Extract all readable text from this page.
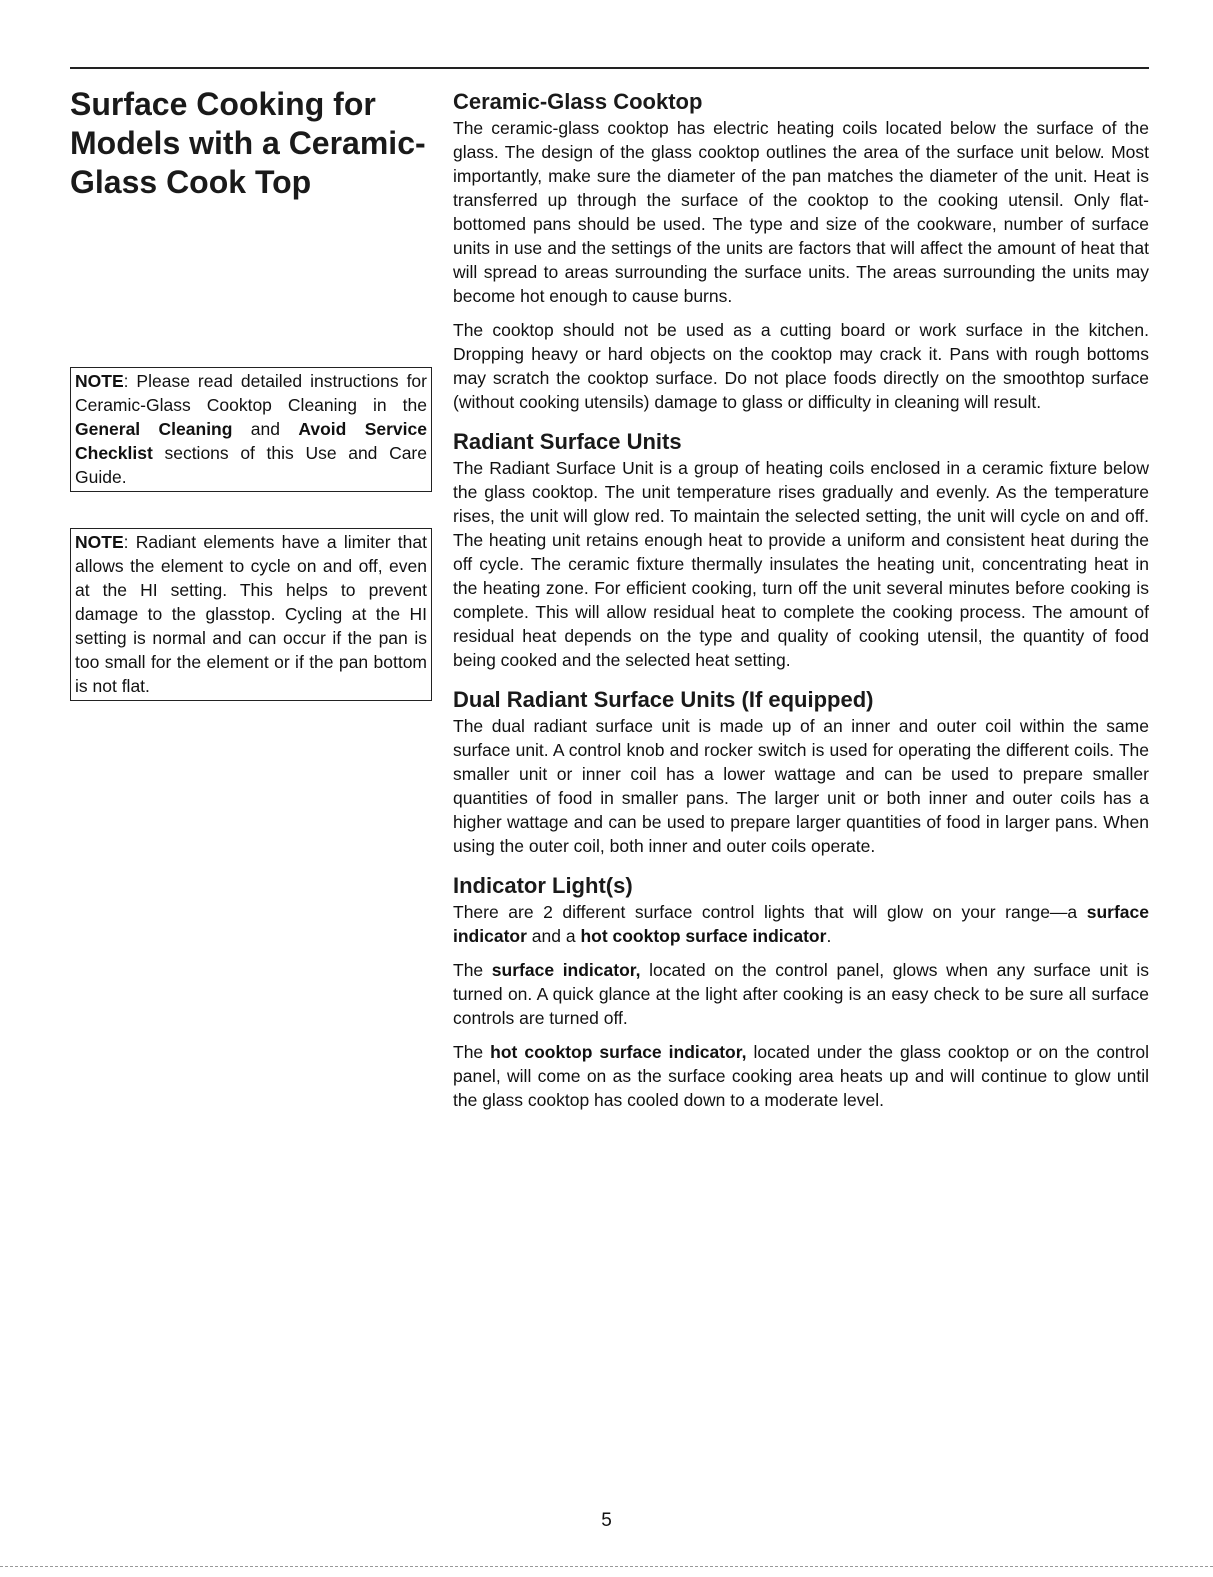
Surface Cooking for Models with a Ceramic-Glass Cook Top
NOTE: Please read detailed instructions for Ceramic-Glass Cooktop Cleaning in the General Cleaning and Avoid Service Checklist sections of this Use and Care Guide.
NOTE: Radiant elements have a limiter that allows the element to cycle on and off, even at the HI setting. This helps to prevent damage to the glasstop. Cycling at the HI setting is normal and can occur if the pan is too small for the element or if the pan bottom is not flat.
Ceramic-Glass Cooktop

The ceramic-glass cooktop has electric heating coils located below the surface of the glass. The design of the glass cooktop outlines the area of the surface unit below. Most importantly, make sure the diameter of the pan matches the diameter of the unit. Heat is transferred up through the surface of the cooktop to the cooking utensil. Only flat-bottomed pans should be used. The type and size of the cookware, number of surface units in use and the settings of the units are factors that will affect the amount of heat that will spread to areas surrounding the surface units. The areas surrounding the units may become hot enough to cause burns.

The cooktop should not be used as a cutting board or work surface in the kitchen. Dropping heavy or hard objects on the cooktop may crack it. Pans with rough bottoms may scratch the cooktop surface. Do not place foods directly on the smoothtop surface (without cooking utensils) damage to glass or difficulty in cleaning will result.

Radiant Surface Units

The Radiant Surface Unit is a group of heating coils enclosed in a ceramic fixture below the glass cooktop. The unit temperature rises gradually and evenly. As the temperature rises, the unit will glow red. To maintain the selected setting, the unit will cycle on and off. The heating unit retains enough heat to provide a uniform and consistent heat during the off cycle. The ceramic fixture thermally insulates the heating unit, concentrating heat in the heating zone. For efficient cooking, turn off the unit several minutes before cooking is complete. This will allow residual heat to complete the cooking process. The amount of residual heat depends on the type and quality of cooking utensil, the quantity of food being cooked and the selected heat setting.

Dual Radiant Surface Units (If equipped)

The dual radiant surface unit is made up of an inner and outer coil within the same surface unit. A control knob and rocker switch is used for operating the different coils. The smaller unit or inner coil has a lower wattage and can be used to prepare smaller quantities of food in smaller pans. The larger unit or both inner and outer coils has a higher wattage and can be used to prepare larger quantities of food in larger pans. When using the outer coil, both inner and outer coils operate.

Indicator Light(s)

There are 2 different surface control lights that will glow on your range—a surface indicator and a hot cooktop surface indicator.

The surface indicator, located on the control panel, glows when any surface unit is turned on. A quick glance at the light after cooking is an easy check to be sure all surface controls are turned off.

The hot cooktop surface indicator, located under the glass cooktop or on the control panel, will come on as the surface cooking area heats up and will continue to glow until the glass cooktop has cooled down to a moderate level.

5
